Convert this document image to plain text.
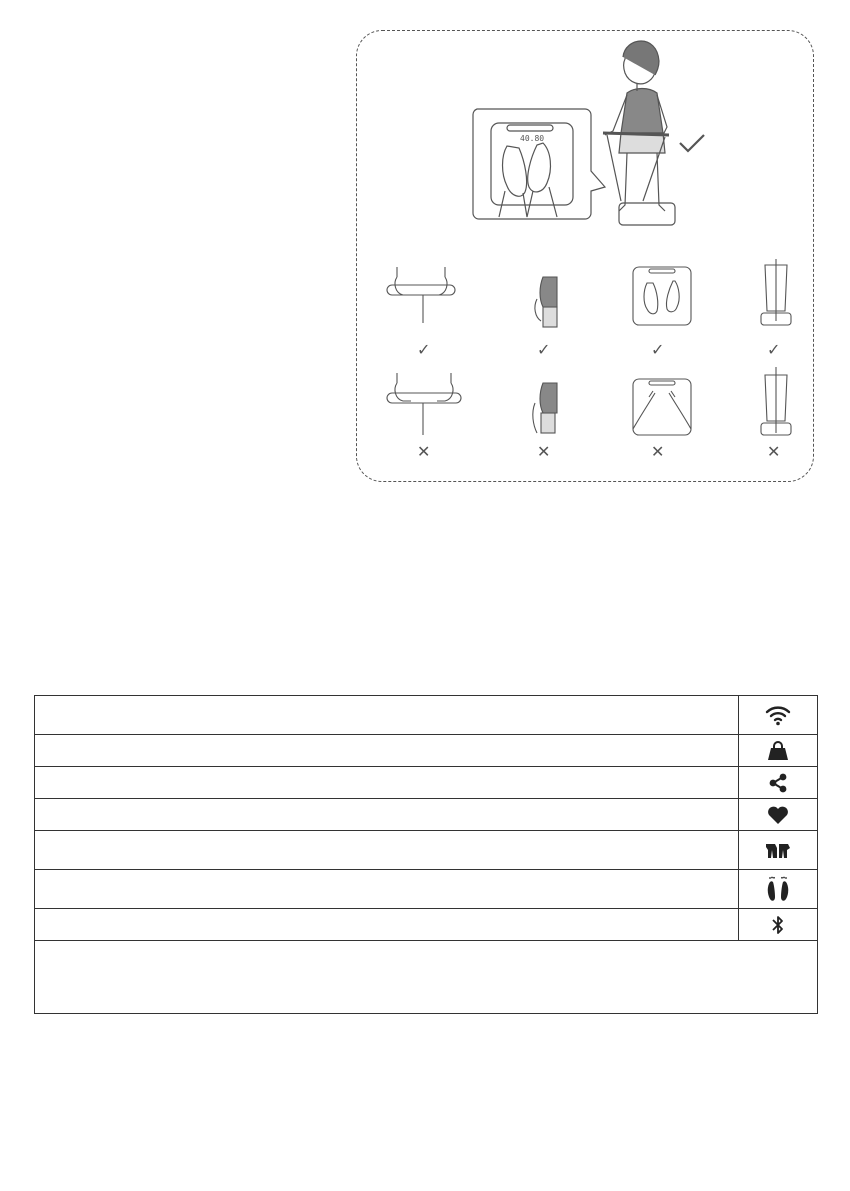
40.80
✓	✓	✓	✓
✕	✕	✕	✕
